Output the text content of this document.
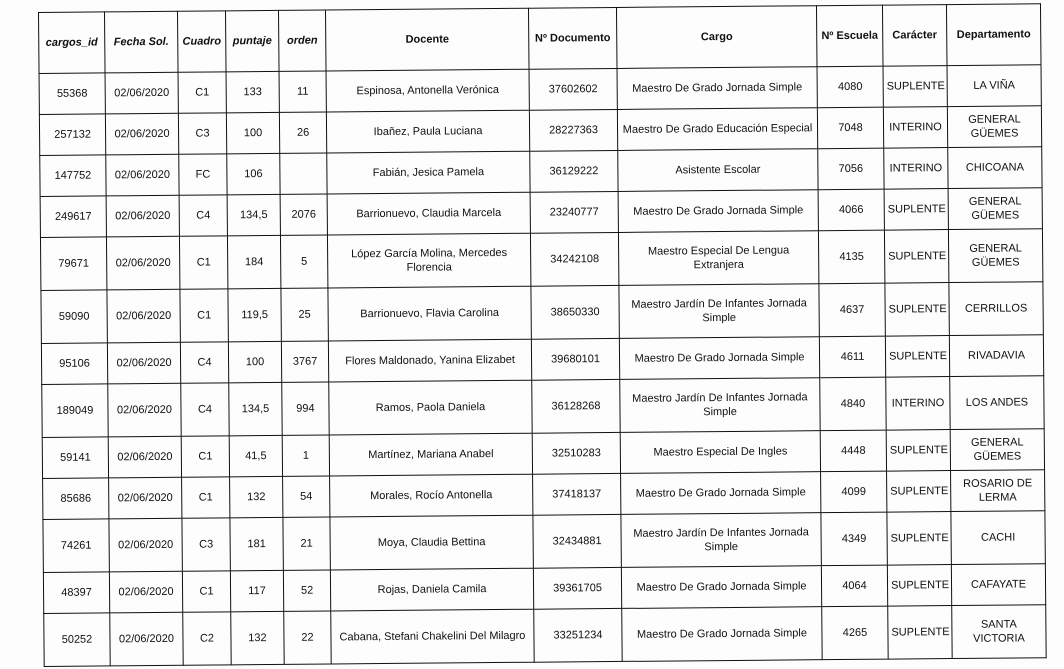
cargos_id	Fecha Sol.	Cuadro	puntaje	orden	Docente	Nº Documento	Cargo	Nº Escuela	Carácter	Departamento
55368	02/06/2020	C1	133	11	Espinosa, Antonella Verónica	37602602	Maestro De Grado Jornada Simple	4080	SUPLENTE	LA VIÑA
257132	02/06/2020	C3	100	26	Ibañez, Paula Luciana	28227363	Maestro De Grado Educación Especial	7048	INTERINO	GENERAL GÜEMES
147752	02/06/2020	FC	106		Fabián, Jesica Pamela	36129222	Asistente Escolar	7056	INTERINO	CHICOANA
249617	02/06/2020	C4	134,5	2076	Barrionuevo, Claudia Marcela	23240777	Maestro De Grado Jornada Simple	4066	SUPLENTE	GENERAL GÜEMES
79671	02/06/2020	C1	184	5	López García Molina, Mercedes Florencia	34242108	Maestro Especial De Lengua Extranjera	4135	SUPLENTE	GENERAL GÜEMES
59090	02/06/2020	C1	119,5	25	Barrionuevo, Flavia Carolina	38650330	Maestro Jardín De Infantes Jornada Simple	4637	SUPLENTE	CERRILLOS
95106	02/06/2020	C4	100	3767	Flores Maldonado, Yanina Elizabet	39680101	Maestro De Grado Jornada Simple	4611	SUPLENTE	RIVADAVIA
189049	02/06/2020	C4	134,5	994	Ramos, Paola Daniela	36128268	Maestro Jardín De Infantes Jornada Simple	4840	INTERINO	LOS ANDES
59141	02/06/2020	C1	41,5	1	Martínez, Mariana Anabel	32510283	Maestro Especial De Ingles	4448	SUPLENTE	GENERAL GÜEMES
85686	02/06/2020	C1	132	54	Morales, Rocío Antonella	37418137	Maestro De Grado Jornada Simple	4099	SUPLENTE	ROSARIO DE LERMA
74261	02/06/2020	C3	181	21	Moya, Claudia Bettina	32434881	Maestro Jardín De Infantes Jornada Simple	4349	SUPLENTE	CACHI
48397	02/06/2020	C1	117	52	Rojas, Daniela Camila	39361705	Maestro De Grado Jornada Simple	4064	SUPLENTE	CAFAYATE
50252	02/06/2020	C2	132	22	Cabana, Stefani Chakelini Del Milagro	33251234	Maestro De Grado Jornada Simple	4265	SUPLENTE	SANTA VICTORIA
